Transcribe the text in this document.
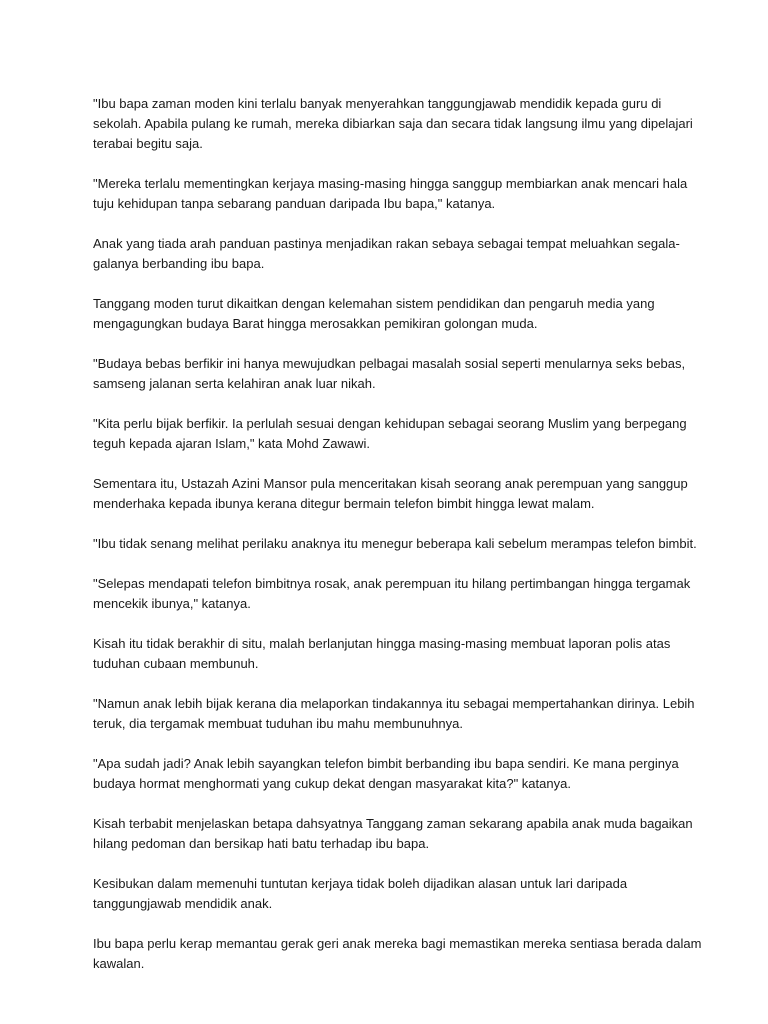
"Ibu bapa zaman moden kini terlalu banyak menyerahkan tanggungjawab mendidik kepada guru di sekolah. Apabila pulang ke rumah, mereka dibiarkan saja dan secara tidak langsung ilmu yang dipelajari terabai begitu saja.

"Mereka terlalu mementingkan kerjaya masing-masing hingga sanggup membiarkan anak mencari hala tuju kehidupan tanpa sebarang panduan daripada Ibu bapa," katanya.

Anak yang tiada arah panduan pastinya menjadikan rakan sebaya sebagai tempat meluahkan segala-galanya berbanding ibu bapa.

Tanggang moden turut dikaitkan dengan kelemahan sistem pendidikan dan pengaruh media yang mengagungkan budaya Barat hingga merosakkan pemikiran golongan muda.

"Budaya bebas berfikir ini hanya mewujudkan pelbagai masalah sosial seperti menularnya seks bebas, samseng jalanan serta kelahiran anak luar nikah.

"Kita perlu bijak berfikir. Ia perlulah sesuai dengan kehidupan sebagai seorang Muslim yang berpegang teguh kepada ajaran Islam," kata Mohd Zawawi.

Sementara itu, Ustazah Azini Mansor pula menceritakan kisah seorang anak perempuan yang sanggup menderhaka kepada ibunya kerana ditegur bermain telefon bimbit hingga lewat malam.

"Ibu tidak senang melihat perilaku anaknya itu menegur beberapa kali sebelum merampas telefon bimbit.

"Selepas mendapati telefon bimbitnya rosak, anak perempuan itu hilang pertimbangan hingga tergamak mencekik ibunya," katanya.

Kisah itu tidak berakhir di situ, malah berlanjutan hingga masing-masing membuat laporan polis atas tuduhan cubaan membunuh.

"Namun anak lebih bijak kerana dia melaporkan tindakannya itu sebagai mempertahankan dirinya. Lebih teruk, dia tergamak membuat tuduhan ibu mahu membunuhnya.

"Apa sudah jadi? Anak lebih sayangkan telefon bimbit berbanding ibu bapa sendiri. Ke mana perginya budaya hormat menghormati yang cukup dekat dengan masyarakat kita?" katanya.

Kisah terbabit menjelaskan betapa dahsyatnya Tanggang zaman sekarang apabila anak muda bagaikan hilang pedoman dan bersikap hati batu terhadap ibu bapa.

Kesibukan dalam memenuhi tuntutan kerjaya tidak boleh dijadikan alasan untuk lari daripada tanggungjawab mendidik anak.

Ibu bapa perlu kerap memantau gerak geri anak mereka bagi memastikan mereka sentiasa berada dalam kawalan.
